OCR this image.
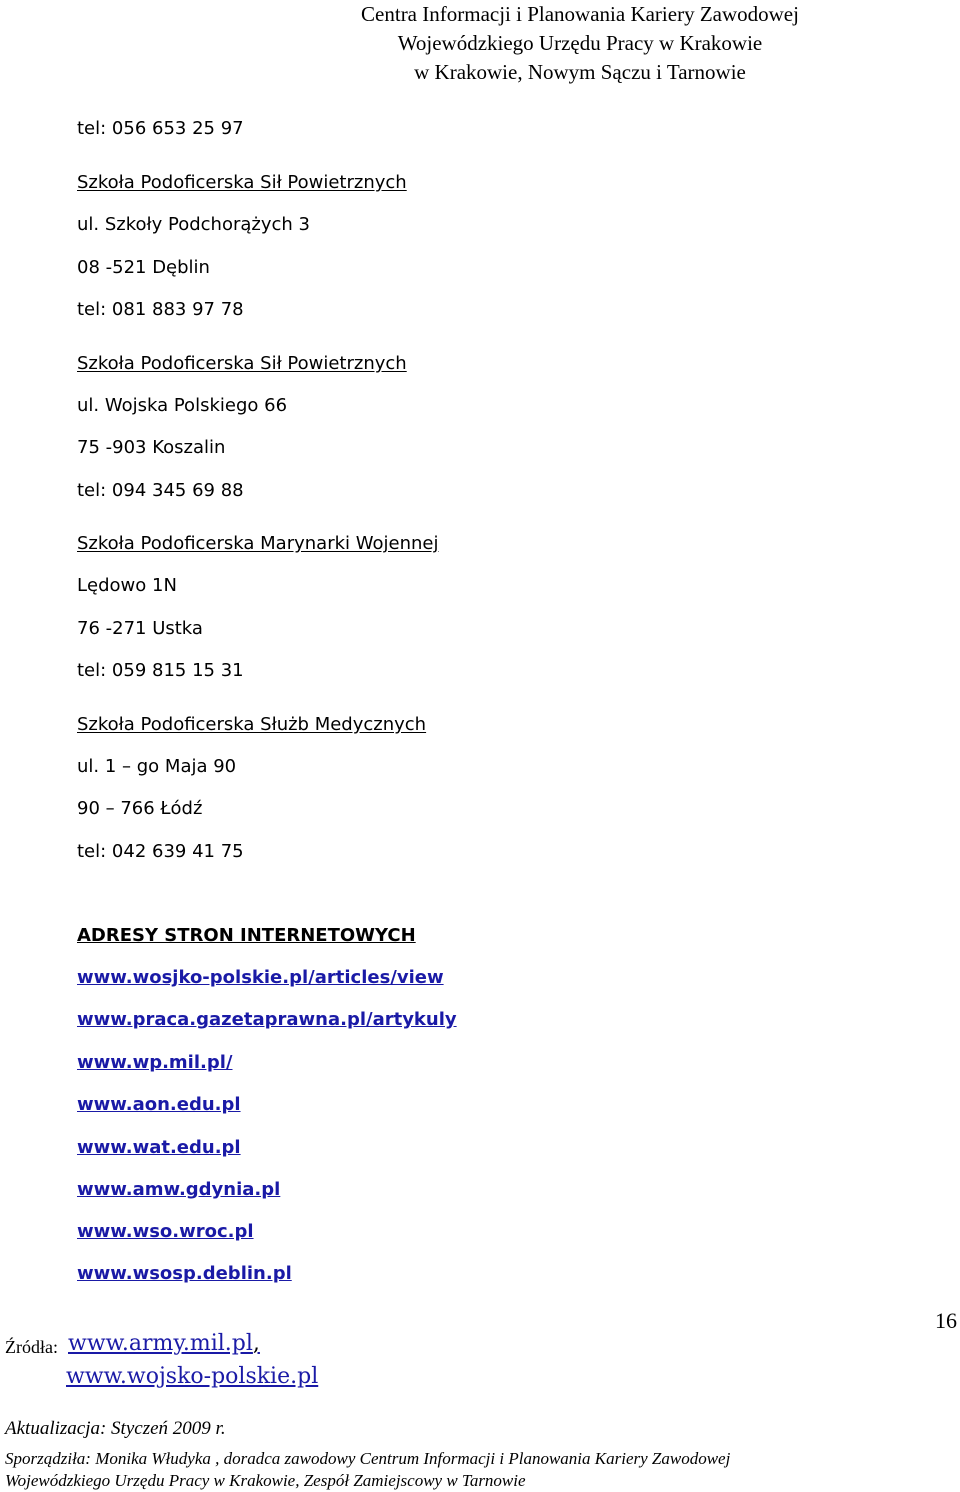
Centra Informacji i Planowania Kariery Zawodowej
Wojewódzkiego Urzędu Pracy w Krakowie
w Krakowie, Nowym Sączu i Tarnowie
tel: 056 653 25 97
Szkoła Podoficerska Sił Powietrznych
ul. Szkoły Podchorążych 3
08 -521 Dęblin
tel: 081 883 97 78
Szkoła Podoficerska Sił Powietrznych
ul. Wojska Polskiego 66
75 -903 Koszalin
tel: 094 345 69 88
Szkoła Podoficerska Marynarki Wojennej
Lędowo 1N
76 -271 Ustka
tel: 059 815 15 31
Szkoła Podoficerska Służb Medycznych
ul. 1 – go Maja 90
90 – 766 Łódź
tel: 042 639 41 75
ADRESY STRON INTERNETOWYCH
www.wosjko-polskie.pl/articles/view
www.praca.gazetaprawna.pl/artykuly
www.wp.mil.pl/
www.aon.edu.pl
www.wat.edu.pl
www.amw.gdynia.pl
www.wso.wroc.pl
www.wsosp.deblin.pl
16
Źródła: www.army.mil.pl,
www.wojsko-polskie.pl
Aktualizacja: Styczeń 2009 r.
Sporządziła: Monika Włudyka , doradca zawodowy Centrum Informacji i Planowania Kariery Zawodowej
Wojewódzkiego Urzędu Pracy w Krakowie, Zespół Zamiejscowy w Tarnowie
